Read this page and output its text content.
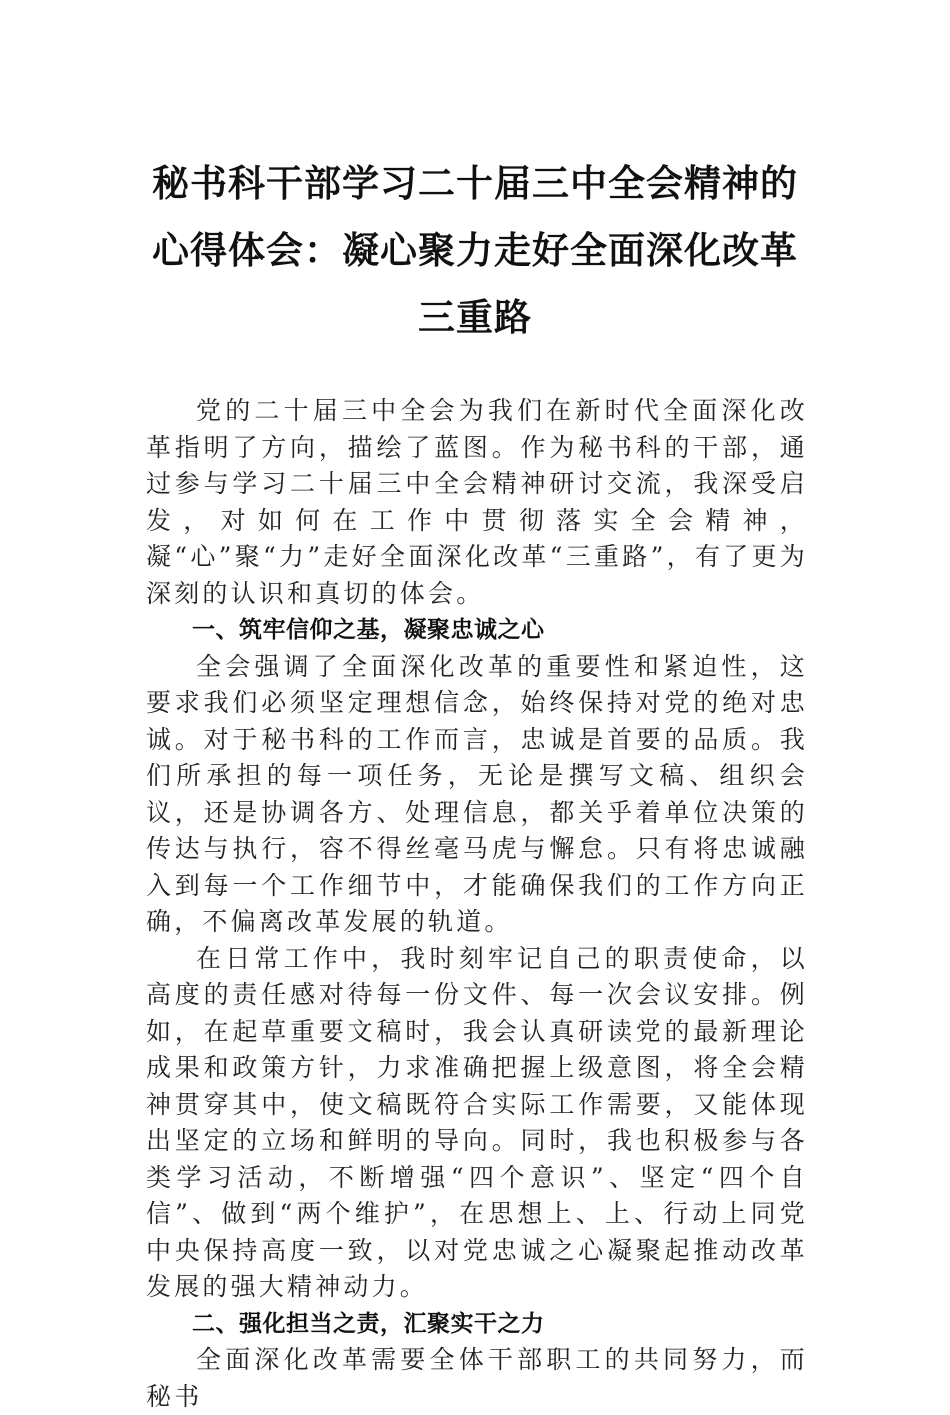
秘书科干部学习二十届三中全会精神的心得体会：凝心聚力走好全面深化改革三重路

党的二十届三中全会为我们在新时代全面深化改革指明了方向，描绘了蓝图。作为秘书科的干部，通过参与学习二十届三中全会精神研讨交流，我深受启发，对如何在工作中贯彻落实全会精神，凝“心”聚“力”走好全面深化改革“三重路”，有了更为深刻的认识和真切的体会。

一、筑牢信仰之基，凝聚忠诚之心

全会强调了全面深化改革的重要性和紧迫性，这要求我们必须坚定理想信念，始终保持对党的绝对忠诚。对于秘书科的工作而言，忠诚是首要的品质。我们所承担的每一项任务，无论是撰写文稿、组织会议，还是协调各方、处理信息，都关乎着单位决策的传达与执行，容不得丝毫马虎与懈怠。只有将忠诚融入到每一个工作细节中，才能确保我们的工作方向正确，不偏离改革发展的轨道。

在日常工作中，我时刻牢记自己的职责使命，以高度的责任感对待每一份文件、每一次会议安排。例如，在起草重要文稿时，我会认真研读党的最新理论成果和政策方针，力求准确把握上级意图，将全会精神贯穿其中，使文稿既符合实际工作需要，又能体现出坚定的立场和鲜明的导向。同时，我也积极参与各类学习活动，不断增强“四个意识”、坚定“四个自信”、做到“两个维护”，在思想上、上、行动上同党中央保持高度一致，以对党忠诚之心凝聚起推动改革发展的强大精神动力。

二、强化担当之责，汇聚实干之力

全面深化改革需要全体干部职工的共同努力，而秘书
